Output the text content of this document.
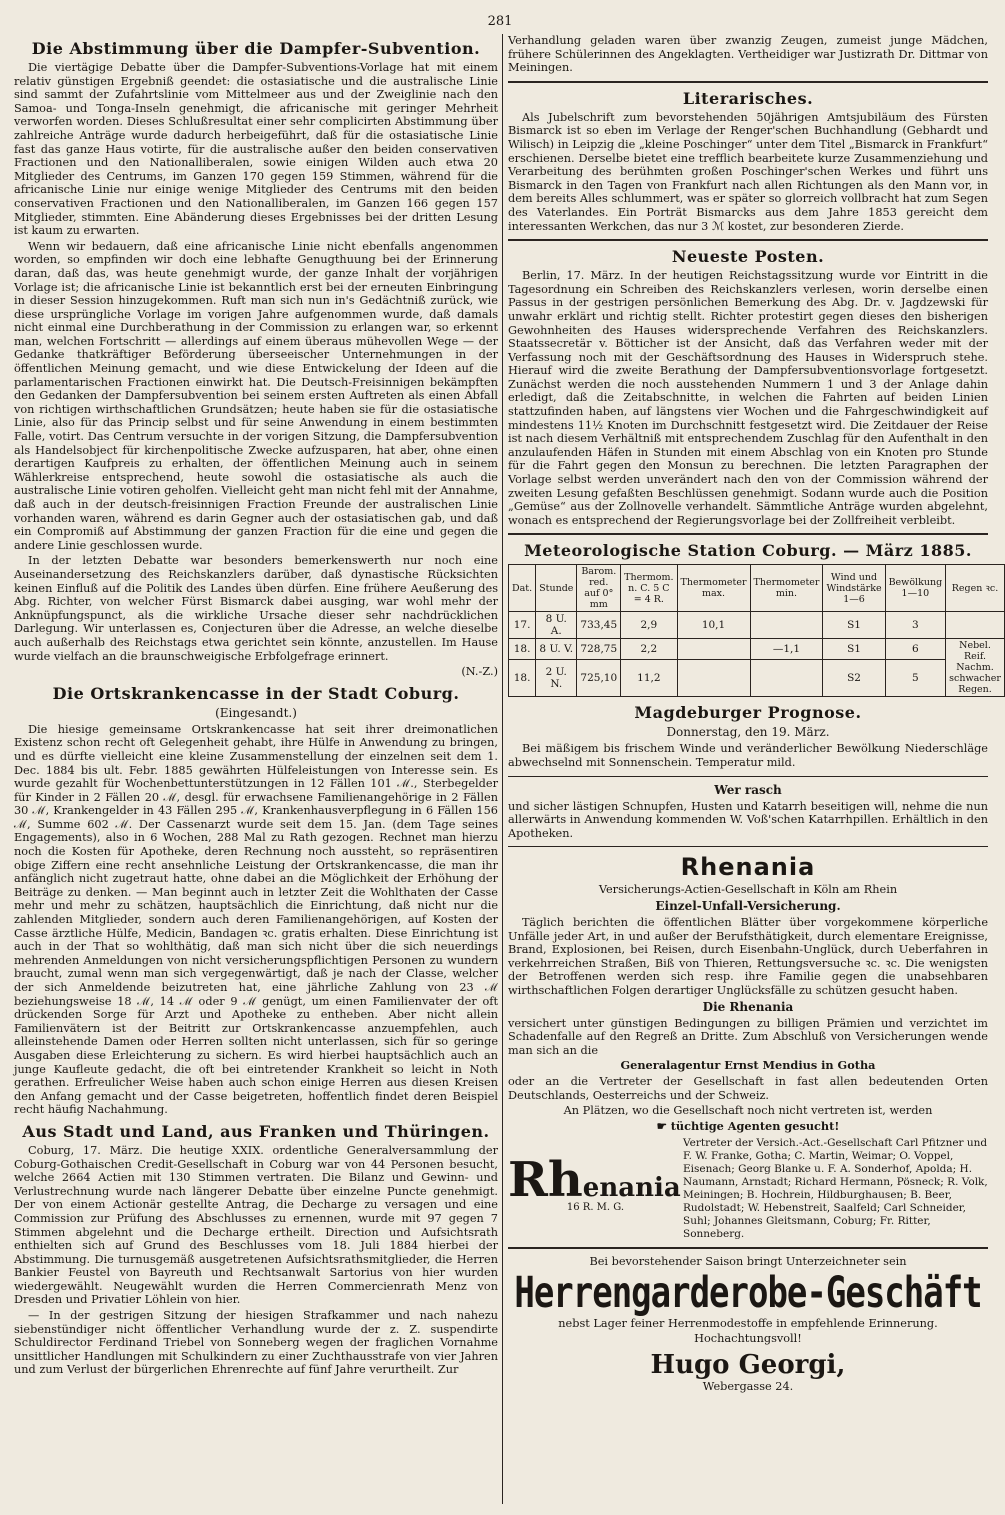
281
Die Abstimmung über die Dampfer-Subvention.

Die viertägige Debatte über die Dampfer-Subventions-Vorlage hat mit einem relativ günstigen Ergebniß geendet: die ostasiatische und die australische Linie sind sammt der Zufahrtslinie vom Mittelmeer aus und der Zweiglinie nach den Samoa- und Tonga-Inseln genehmigt, die africanische mit geringer Mehrheit verworfen worden. Dieses Schlußresultat einer sehr complicirten Abstimmung über zahlreiche Anträge wurde dadurch herbeigeführt, daß für die ostasiatische Linie fast das ganze Haus votirte, für die australische außer den beiden conservativen Fractionen und den Nationalliberalen, sowie einigen Wilden auch etwa 20 Mitglieder des Centrums, im Ganzen 170 gegen 159 Stimmen, während für die africanische Linie nur einige wenige Mitglieder des Centrums mit den beiden conservativen Fractionen und den Nationalliberalen, im Ganzen 166 gegen 157 Mitglieder, stimmten. Eine Abänderung dieses Ergebnisses bei der dritten Lesung ist kaum zu erwarten.

Wenn wir bedauern, daß eine africanische Linie nicht ebenfalls angenommen worden, so empfinden wir doch eine lebhafte Genugthuung bei der Erinnerung daran, daß das, was heute genehmigt wurde, der ganze Inhalt der vorjährigen Vorlage ist; die africanische Linie ist bekanntlich erst bei der erneuten Einbringung in dieser Session hinzugekommen. Ruft man sich nun in's Gedächtniß zurück, wie diese ursprüngliche Vorlage im vorigen Jahre aufgenommen wurde, daß damals nicht einmal eine Durchberathung in der Commission zu erlangen war, so erkennt man, welchen Fortschritt — allerdings auf einem überaus mühevollen Wege — der Gedanke thatkräftiger Beförderung überseeischer Unternehmungen in der öffentlichen Meinung gemacht, und wie diese Entwickelung der Ideen auf die parlamentarischen Fractionen einwirkt hat. Die Deutsch-Freisinnigen bekämpften den Gedanken der Dampfersubvention bei seinem ersten Auftreten als einen Abfall von richtigen wirthschaftlichen Grundsätzen; heute haben sie für die ostasiatische Linie, also für das Princip selbst und für seine Anwendung in einem bestimmten Falle, votirt. Das Centrum versuchte in der vorigen Sitzung, die Dampfersubvention als Handelsobject für kirchenpolitische Zwecke aufzusparen, hat aber, ohne einen derartigen Kaufpreis zu erhalten, der öffentlichen Meinung auch in seinem Wählerkreise entsprechend, heute sowohl die ostasiatische als auch die australische Linie votiren geholfen. Vielleicht geht man nicht fehl mit der Annahme, daß auch in der deutsch-freisinnigen Fraction Freunde der australischen Linie vorhanden waren, während es darin Gegner auch der ostasiatischen gab, und daß ein Compromiß auf Abstimmung der ganzen Fraction für die eine und gegen die andere Linie geschlossen wurde.

In der letzten Debatte war besonders bemerkenswerth nur noch eine Auseinandersetzung des Reichskanzlers darüber, daß dynastische Rücksichten keinen Einfluß auf die Politik des Landes üben dürfen. Eine frühere Aeußerung des Abg. Richter, von welcher Fürst Bismarck dabei ausging, war wohl mehr der Anknüpfungspunct, als die wirkliche Ursache dieser sehr nachdrücklichen Darlegung. Wir unterlassen es, Conjecturen über die Adresse, an welche dieselbe auch außerhalb des Reichstags etwa gerichtet sein könnte, anzustellen. Im Hause wurde vielfach an die braunschweigische Erbfolgefrage erinnert.

(N.-Z.)
Die Ortskrankencasse in der Stadt Coburg.
(Eingesandt.)

Die hiesige gemeinsame Ortskrankencasse hat seit ihrer dreimonatlichen Existenz schon recht oft Gelegenheit gehabt, ihre Hülfe in Anwendung zu bringen, und es dürfte vielleicht eine kleine Zusammenstellung der einzelnen seit dem 1. Dec. 1884 bis ult. Febr. 1885 gewährten Hülfeleistungen von Interesse sein. Es wurde gezahlt für Wochenbettunterstützungen in 12 Fällen 101 ℳ., Sterbegelder für Kinder in 2 Fällen 20 ℳ, desgl. für erwachsene Familienangehörige in 2 Fällen 30 ℳ, Krankengelder in 43 Fällen 295 ℳ, Krankenhausverpflegung in 6 Fällen 156 ℳ, Summe 602 ℳ. Der Cassenarzt wurde seit dem 15. Jan. (dem Tage seines Engagements), also in 6 Wochen, 288 Mal zu Rath gezogen. Rechnet man hierzu noch die Kosten für Apotheke, deren Rechnung noch aussteht, so repräsentiren obige Ziffern eine recht ansehnliche Leistung der Ortskrankencasse, die man ihr anfänglich nicht zugetraut hatte, ohne dabei an die Möglichkeit der Erhöhung der Beiträge zu denken. — Man beginnt auch in letzter Zeit die Wohlthaten der Casse mehr und mehr zu schätzen, hauptsächlich die Einrichtung, daß nicht nur die zahlenden Mitglieder, sondern auch deren Familienangehörigen, auf Kosten der Casse ärztliche Hülfe, Medicin, Bandagen ꝛc. gratis erhalten. Diese Einrichtung ist auch in der That so wohlthätig, daß man sich nicht über die sich neuerdings mehrenden Anmeldungen von nicht versicherungspflichtigen Personen zu wundern braucht, zumal wenn man sich vergegenwärtigt, daß je nach der Classe, welcher der sich Anmeldende beizutreten hat, eine jährliche Zahlung von 23 ℳ beziehungsweise 18 ℳ, 14 ℳ oder 9 ℳ genügt, um einen Familienvater der oft drückenden Sorge für Arzt und Apotheke zu entheben. Aber nicht allein Familienvätern ist der Beitritt zur Ortskrankencasse anzuempfehlen, auch alleinstehende Damen oder Herren sollten nicht unterlassen, sich für so geringe Ausgaben diese Erleichterung zu sichern. Es wird hierbei hauptsächlich auch an junge Kaufleute gedacht, die oft bei eintretender Krankheit so leicht in Noth gerathen. Erfreulicher Weise haben auch schon einige Herren aus diesen Kreisen den Anfang gemacht und der Casse beigetreten, hoffentlich findet deren Beispiel recht häufig Nachahmung.

Aus Stadt und Land, aus Franken und Thüringen.

Coburg, 17. März. Die heutige XXIX. ordentliche Generalversammlung der Coburg-Gothaischen Credit-Gesellschaft in Coburg war von 44 Personen besucht, welche 2664 Actien mit 130 Stimmen vertraten. Die Bilanz und Gewinn- und Verlustrechnung wurde nach längerer Debatte über einzelne Puncte genehmigt. Der von einem Actionär gestellte Antrag, die Decharge zu versagen und eine Commission zur Prüfung des Abschlusses zu ernennen, wurde mit 97 gegen 7 Stimmen abgelehnt und die Decharge ertheilt. Direction und Aufsichtsrath enthielten sich auf Grund des Beschlusses vom 18. Juli 1884 hierbei der Abstimmung. Die turnusgemäß ausgetretenen Aufsichtsrathsmitglieder, die Herren Bankier Feustel von Bayreuth und Rechtsanwalt Sartorius von hier wurden wiedergewählt. Neugewählt wurden die Herren Commercienrath Menz von Dresden und Privatier Löhlein von hier.

— In der gestrigen Sitzung der hiesigen Strafkammer und nach nahezu siebenstündiger nicht öffentlicher Verhandlung wurde der z. Z. suspendirte Schuldirector Ferdinand Triebel von Sonneberg wegen der fraglichen Vornahme unsittlicher Handlungen mit Schulkindern zu einer Zuchthausstrafe von vier Jahren und zum Verlust der bürgerlichen Ehrenrechte auf fünf Jahre verurtheilt. Zur

Verhandlung geladen waren über zwanzig Zeugen, zumeist junge Mädchen, frühere Schülerinnen des Angeklagten. Vertheidiger war Justizrath Dr. Dittmar von Meiningen.

Literarisches.

Als Jubelschrift zum bevorstehenden 50jährigen Amtsjubiläum des Fürsten Bismarck ist so eben im Verlage der Renger'schen Buchhandlung (Gebhardt und Wilisch) in Leipzig die „kleine Poschinger“ unter dem Titel „Bismarck in Frankfurt“ erschienen. Derselbe bietet eine trefflich bearbeitete kurze Zusammenziehung und Verarbeitung des berühmten großen Poschinger'schen Werkes und führt uns Bismarck in den Tagen von Frankfurt nach allen Richtungen als den Mann vor, in dem bereits Alles schlummert, was er später so glorreich vollbracht hat zum Segen des Vaterlandes. Ein Porträt Bismarcks aus dem Jahre 1853 gereicht dem interessanten Werkchen, das nur 3 ℳ kostet, zur besonderen Zierde.

Neueste Posten.

Berlin, 17. März. In der heutigen Reichstagssitzung wurde vor Eintritt in die Tagesordnung ein Schreiben des Reichskanzlers verlesen, worin derselbe einen Passus in der gestrigen persönlichen Bemerkung des Abg. Dr. v. Jagdzewski für unwahr erklärt und richtig stellt. Richter protestirt gegen dieses den bisherigen Gewohnheiten des Hauses widersprechende Verfahren des Reichskanzlers. Staatssecretär v. Bötticher ist der Ansicht, daß das Verfahren weder mit der Verfassung noch mit der Geschäftsordnung des Hauses in Widerspruch stehe. Hierauf wird die zweite Berathung der Dampfersubventionsvorlage fortgesetzt. Zunächst werden die noch ausstehenden Nummern 1 und 3 der Anlage dahin erledigt, daß die Zeitabschnitte, in welchen die Fahrten auf beiden Linien stattzufinden haben, auf längstens vier Wochen und die Fahrgeschwindigkeit auf mindestens 11½ Knoten im Durchschnitt festgesetzt wird. Die Zeitdauer der Reise ist nach diesem Verhältniß mit entsprechendem Zuschlag für den Aufenthalt in den anzulaufenden Häfen in Stunden mit einem Abschlag von ein Knoten pro Stunde für die Fahrt gegen den Monsun zu berechnen. Die letzten Paragraphen der Vorlage selbst werden unverändert nach den von der Commission während der zweiten Lesung gefaßten Beschlüssen genehmigt. Sodann wurde auch die Position „Gemüse“ aus der Zollnovelle verhandelt. Sämmtliche Anträge wurden abgelehnt, wonach es entsprechend der Regierungsvorlage bei der Zollfreiheit verbleibt.

Meteorologische Station Coburg. — März 1885.
Dat.	Stunde	Barom. red. auf 0° mm	Thermom. n. C. 5 C = 4 R.	Thermometer max.	Thermometer min.	Wind und Windstärke 1—6	Bewölkung 1—10	Regen ꝛc.
17.	8 U. A.	733,45	2,9	10,1		S1	3	
18.	8 U. V.	728,75	2,2		—1,1	S1	6	Nebel. Reif. Nachm. schwacher Regen.
18.	2 U. N.	725,10	11,2			S2	5	
Magdeburger Prognose.
Donnerstag, den 19. März.

Bei mäßigem bis frischem Winde und veränderlicher Bewölkung Niederschläge abwechselnd mit Sonnenschein. Temperatur mild.

Wer rasch

und sicher lästigen Schnupfen, Husten und Katarrh beseitigen will, nehme die nun allerwärts in Anwendung kommenden W. Voß'schen Katarrhpillen. Erhältlich in den Apotheken.

Rhenania

Versicherungs-Actien-Gesellschaft in Köln am Rhein

Einzel-Unfall-Versicherung.

Täglich berichten die öffentlichen Blätter über vorgekommene körperliche Unfälle jeder Art, in und außer der Berufsthätigkeit, durch elementare Ereignisse, Brand, Explosionen, bei Reisen, durch Eisenbahn-Unglück, durch Ueberfahren in verkehrreichen Straßen, Biß von Thieren, Rettungsversuche ꝛc. ꝛc. Die wenigsten der Betroffenen werden sich resp. ihre Familie gegen die unabsehbaren wirthschaftlichen Folgen derartiger Unglücksfälle zu schützen gesucht haben.

Die Rhenania

versichert unter günstigen Bedingungen zu billigen Prämien und verzichtet im Schadenfalle auf den Regreß an Dritte. Zum Abschluß von Versicherungen wende man sich an die

Generalagentur Ernst Mendius in Gotha

oder an die Vertreter der Gesellschaft in fast allen bedeutenden Orten Deutschlands, Oesterreichs und der Schweiz.

An Plätzen, wo die Gesellschaft noch nicht vertreten ist, werden

☛ tüchtige Agenten gesucht!

Rhenania
16 R. M. G.
Vertreter der Versich.-Act.-Gesellschaft Carl Pfitzner und F. W. Franke, Gotha; C. Martin, Weimar; O. Voppel, Eisenach; Georg Blanke u. F. A. Sonderhof, Apolda; H. Naumann, Arnstadt; Richard Hermann, Pösneck; R. Volk, Meiningen; B. Hochrein, Hildburghausen; B. Beer, Rudolstadt; W. Hebenstreit, Saalfeld; Carl Schneider, Suhl; Johannes Gleitsmann, Coburg; Fr. Ritter, Sonneberg.

Bei bevorstehender Saison bringt Unterzeichneter sein

Herrengarderobe-Geschäft

nebst Lager feiner Herrenmodestoffe in empfehlende Erinnerung.

Hochachtungsvoll!

Hugo Georgi,

Webergasse 24.
